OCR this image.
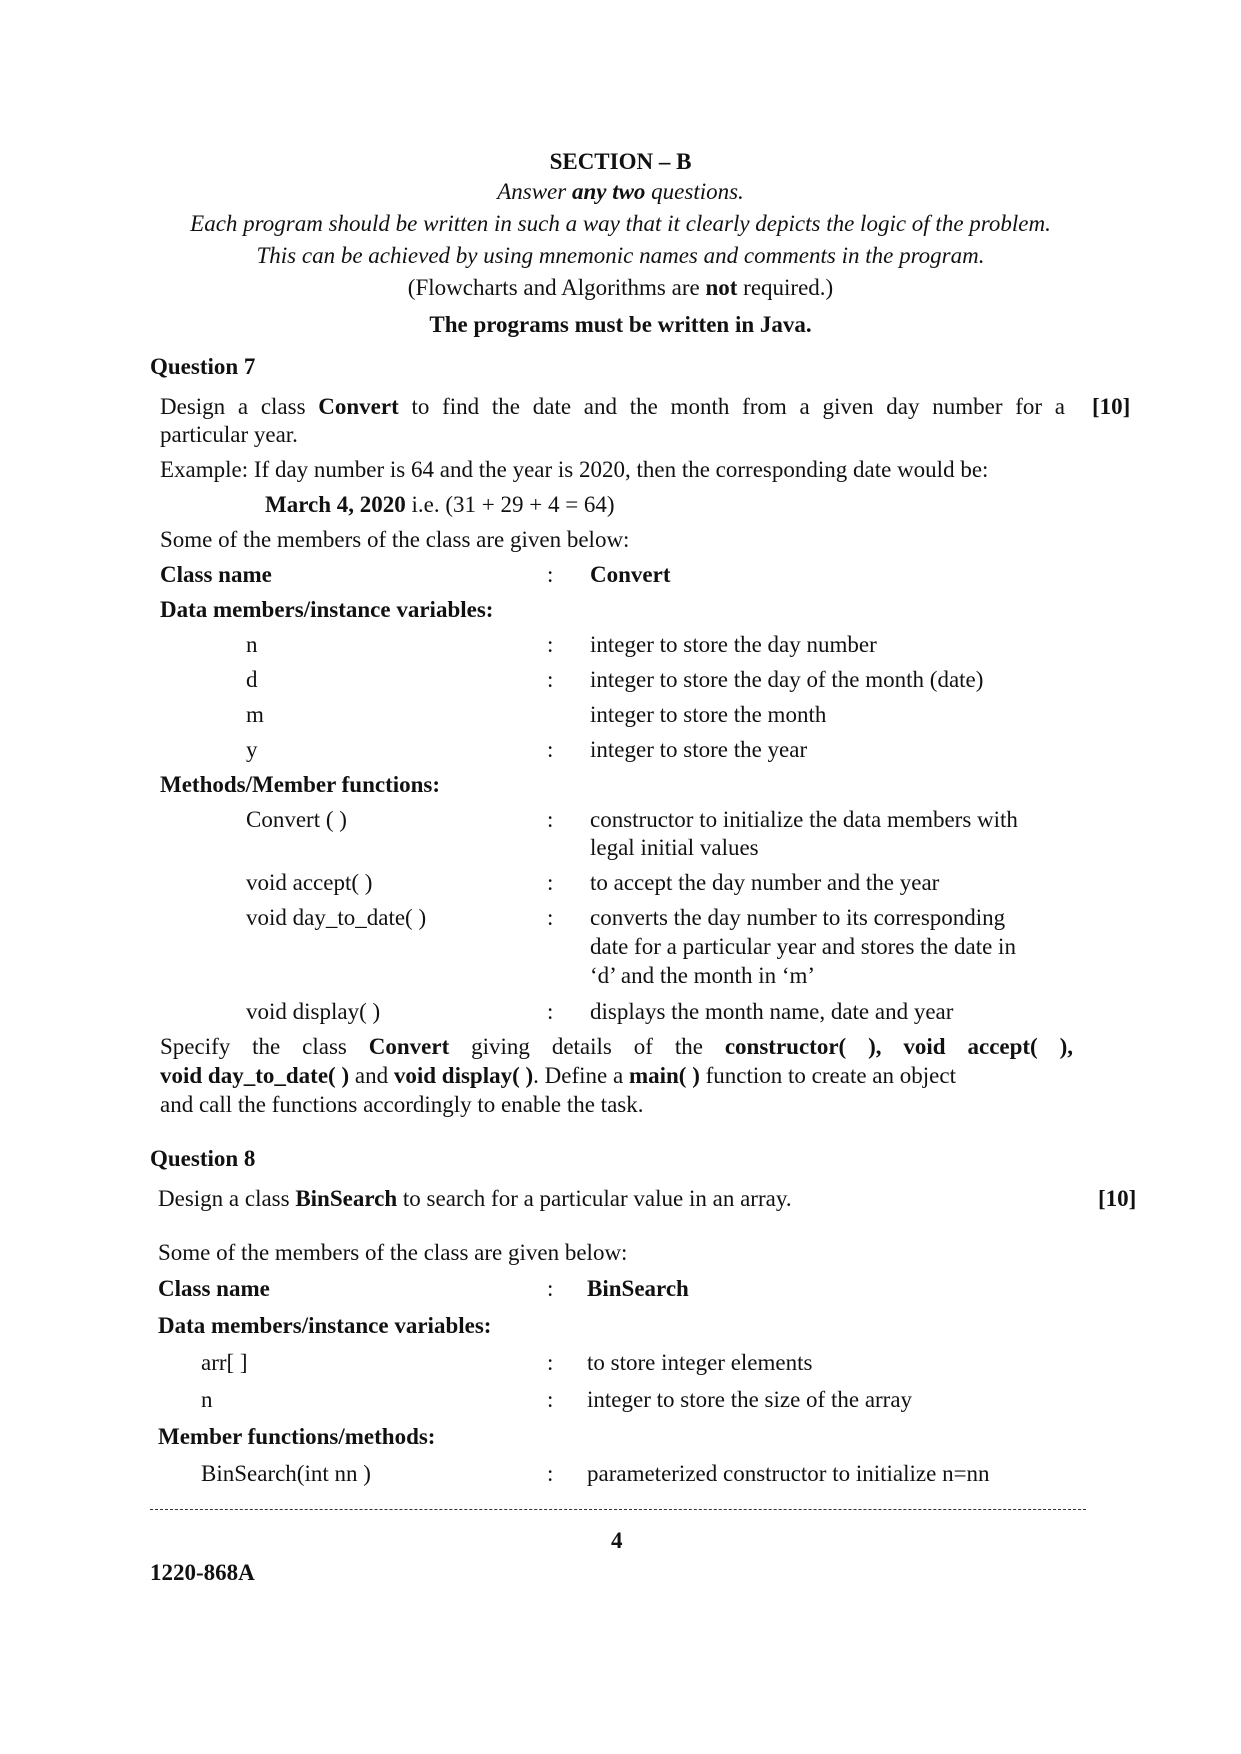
SECTION – B
Answer any two questions.
Each program should be written in such a way that it clearly depicts the logic of the problem.
This can be achieved by using mnemonic names and comments in the program.
(Flowcharts and Algorithms are not required.)
The programs must be written in Java.
Question 7
Design a class Convert to find the date and the month from a given day number for a [10]
particular year.
Example: If day number is 64 and the year is 2020, then the corresponding date would be:
March 4, 2020 i.e. (31 + 29 + 4 = 64)
Some of the members of the class are given below:
Class name	: Convert
Data members/instance variables:
n	: integer to store the day number
d	: integer to store the day of the month (date)
m	integer to store the month
y	: integer to store the year
Methods/Member functions:
Convert ( )	: constructor to initialize the data members with
legal initial values
void accept( )	: to accept the day number and the year
void day_to_date( )	: converts the day number to its corresponding
date for a particular year and stores the date in
‘d’ and the month in ‘m’
void display( )	: displays the month name, date and year
Specify the class Convert giving details of the constructor( ), void accept( ),
void day_to_date( ) and void display( ). Define a main( ) function to create an object
and call the functions accordingly to enable the task.
Question 8
Design a class BinSearch to search for a particular value in an array.	[10]
Some of the members of the class are given below:
Class name	: BinSearch
Data members/instance variables:
arr[ ]	: to store integer elements
n	: integer to store the size of the array
Member functions/methods:
BinSearch(int nn )	: parameterized constructor to initialize n=nn
4
1220-868A
